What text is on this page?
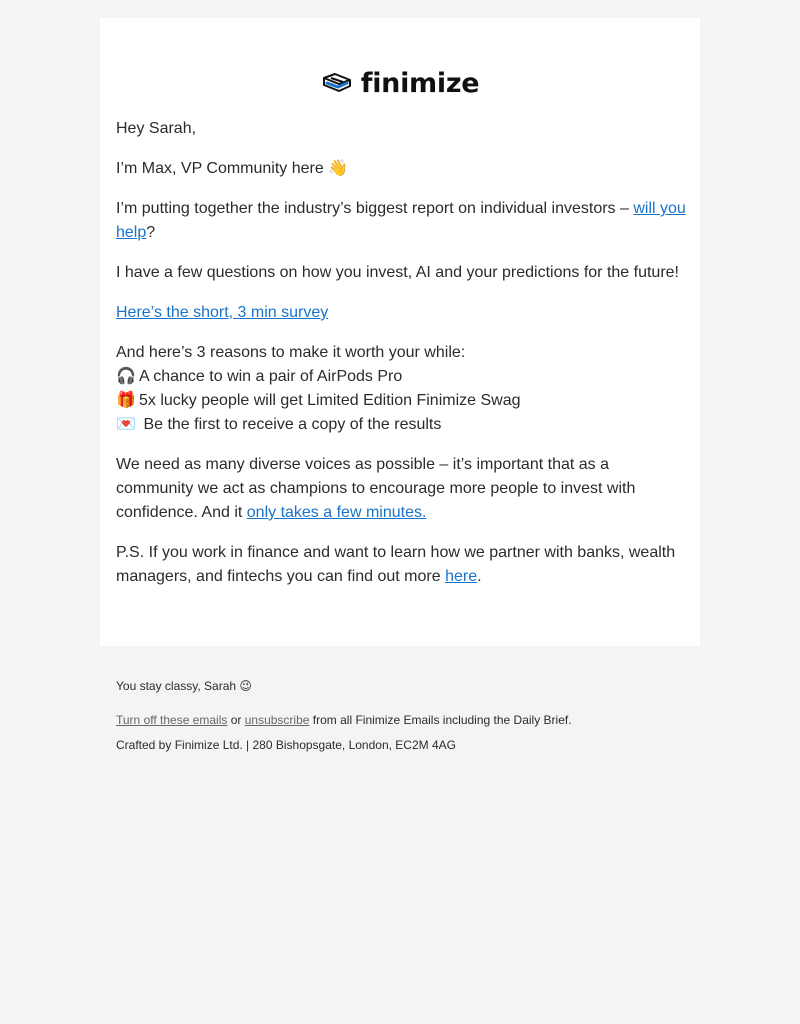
finimize

Hey Sarah,

I’m Max, VP Community here 👋

I’m putting together the industry’s biggest report on individual investors – will you help?

I have a few questions on how you invest, AI and your predictions for the future!

Here’s the short, 3 min survey

And here’s 3 reasons to make it worth your while:
🎧 A chance to win a pair of AirPods Pro
🎁 5x lucky people will get Limited Edition Finimize Swag
💌 Be the first to receive a copy of the results

We need as many diverse voices as possible – it’s important that as a community we act as champions to encourage more people to invest with confidence. And it only takes a few minutes.

P.S. If you work in finance and want to learn how we partner with banks, wealth managers, and fintechs you can find out more here.

You stay classy, Sarah 😉
Turn off these emails or unsubscribe from all Finimize Emails including the Daily Brief.
Crafted by Finimize Ltd. | 280 Bishopsgate, London, EC2M 4AG
